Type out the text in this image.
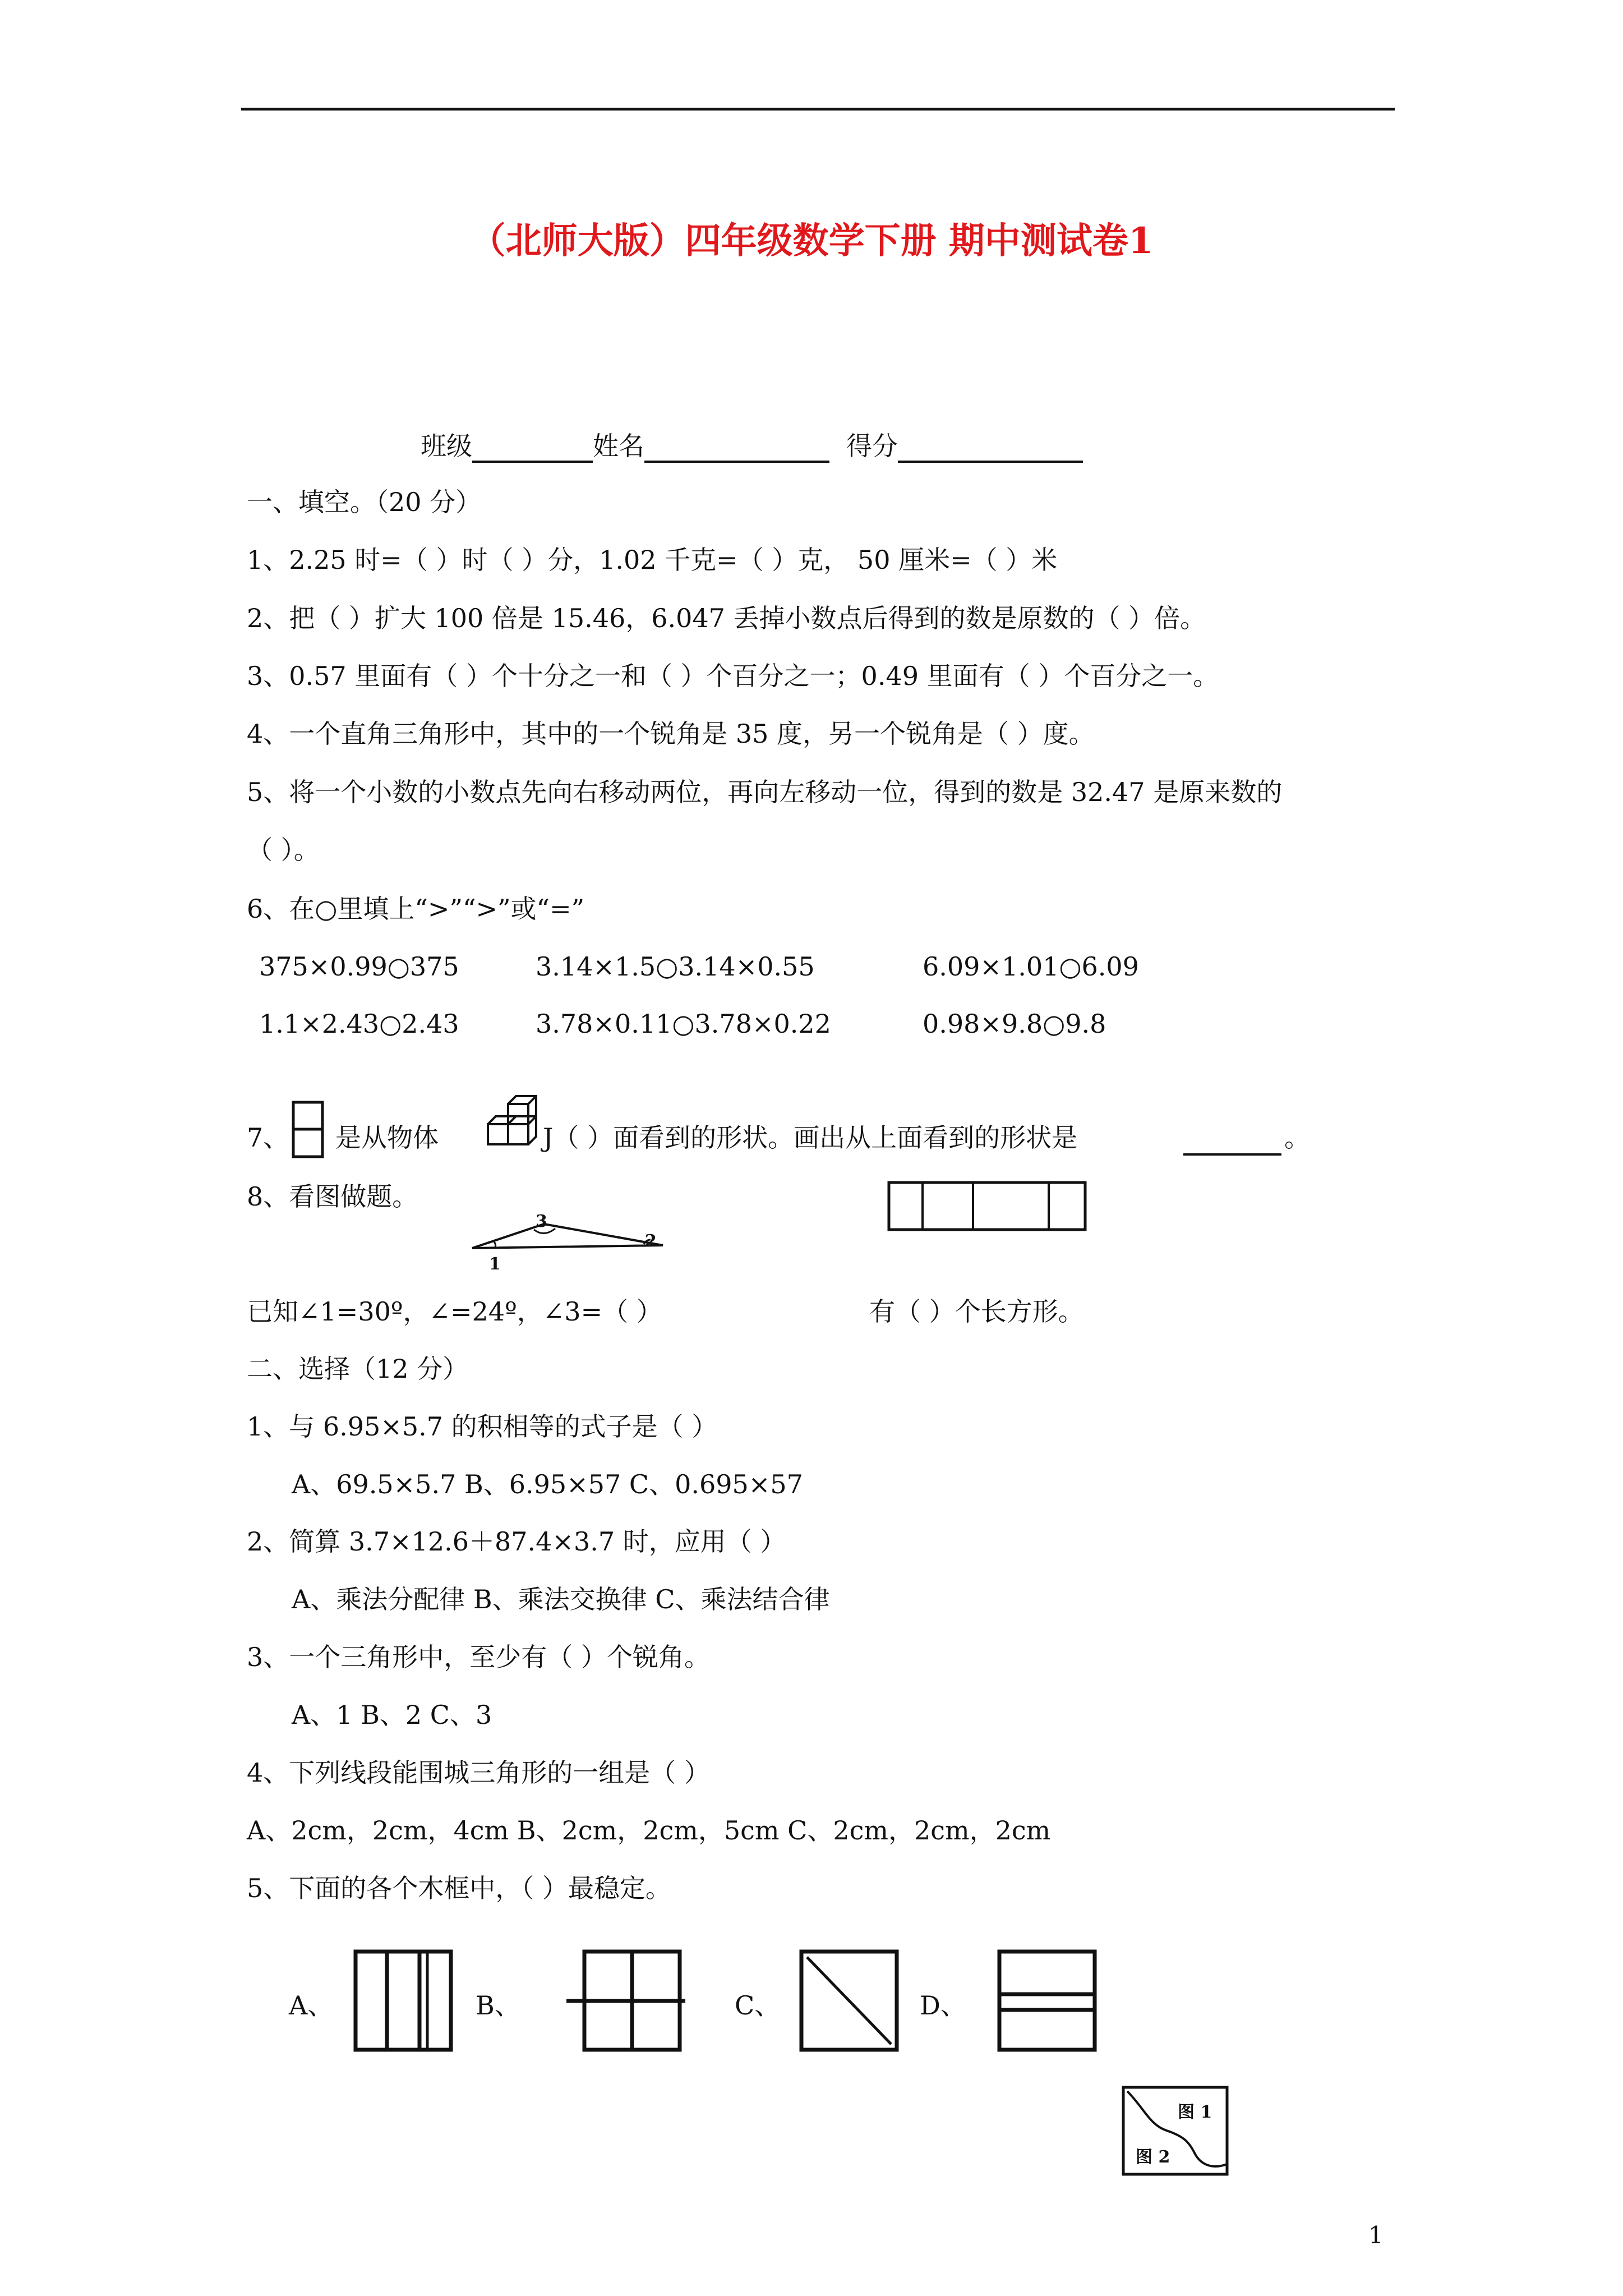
（北师大版）四年级数学下册 期中测试卷1
班级	姓名	得分
一、填空。（20 分）
1、2.25 时=（ ）时（ ）分，1.02 千克=（ ）克， 50 厘米=（ ）米
2、把（ ）扩大 100 倍是 15.46，6.047 丢掉小数点后得到的数是原数的（ ）倍。
3、0.57 里面有（ ）个十分之一和（ ）个百分之一；0.49 里面有（ ）个百分之一。
4、一个直角三角形中，其中的一个锐角是 35 度，另一个锐角是（ ）度。
5、将一个小数的小数点先向右移动两位，再向左移动一位，得到的数是 32.47 是原来数的
（ ）。
6、在○里填上“>”“>”或“=”
375×0.99○375	3.14×1.5○3.14×0.55	6.09×1.01○6.09
1.1×2.43○2.43	3.78×0.11○3.78×0.22	0.98×9.8○9.8
7、 是从物体	J（ ）面看到的形状。画出从上面看到的形状是	。
8、看图做题。
3
2
1
已知∠1=30º，∠=24º，∠3=（ ）	有（ ）个长方形。
二、选择（12 分）
1、与 6.95×5.7 的积相等的式子是（ ）
A、69.5×5.7 B、6.95×57 C、0.695×57
2、简算 3.7×12.6＋87.4×3.7 时，应用（ ）
A、乘法分配律 B、乘法交换律 C、乘法结合律
3、一个三角形中，至少有（ ）个锐角。
A、1 B、2 C、3
4、下列线段能围城三角形的一组是（ ）
A、2cm，2cm，4cm B、2cm，2cm，5cm C、2cm，2cm，2cm
5、下面的各个木框中，（ ）最稳定。
A、	B、	C、	D、
图 1
图 2
1
